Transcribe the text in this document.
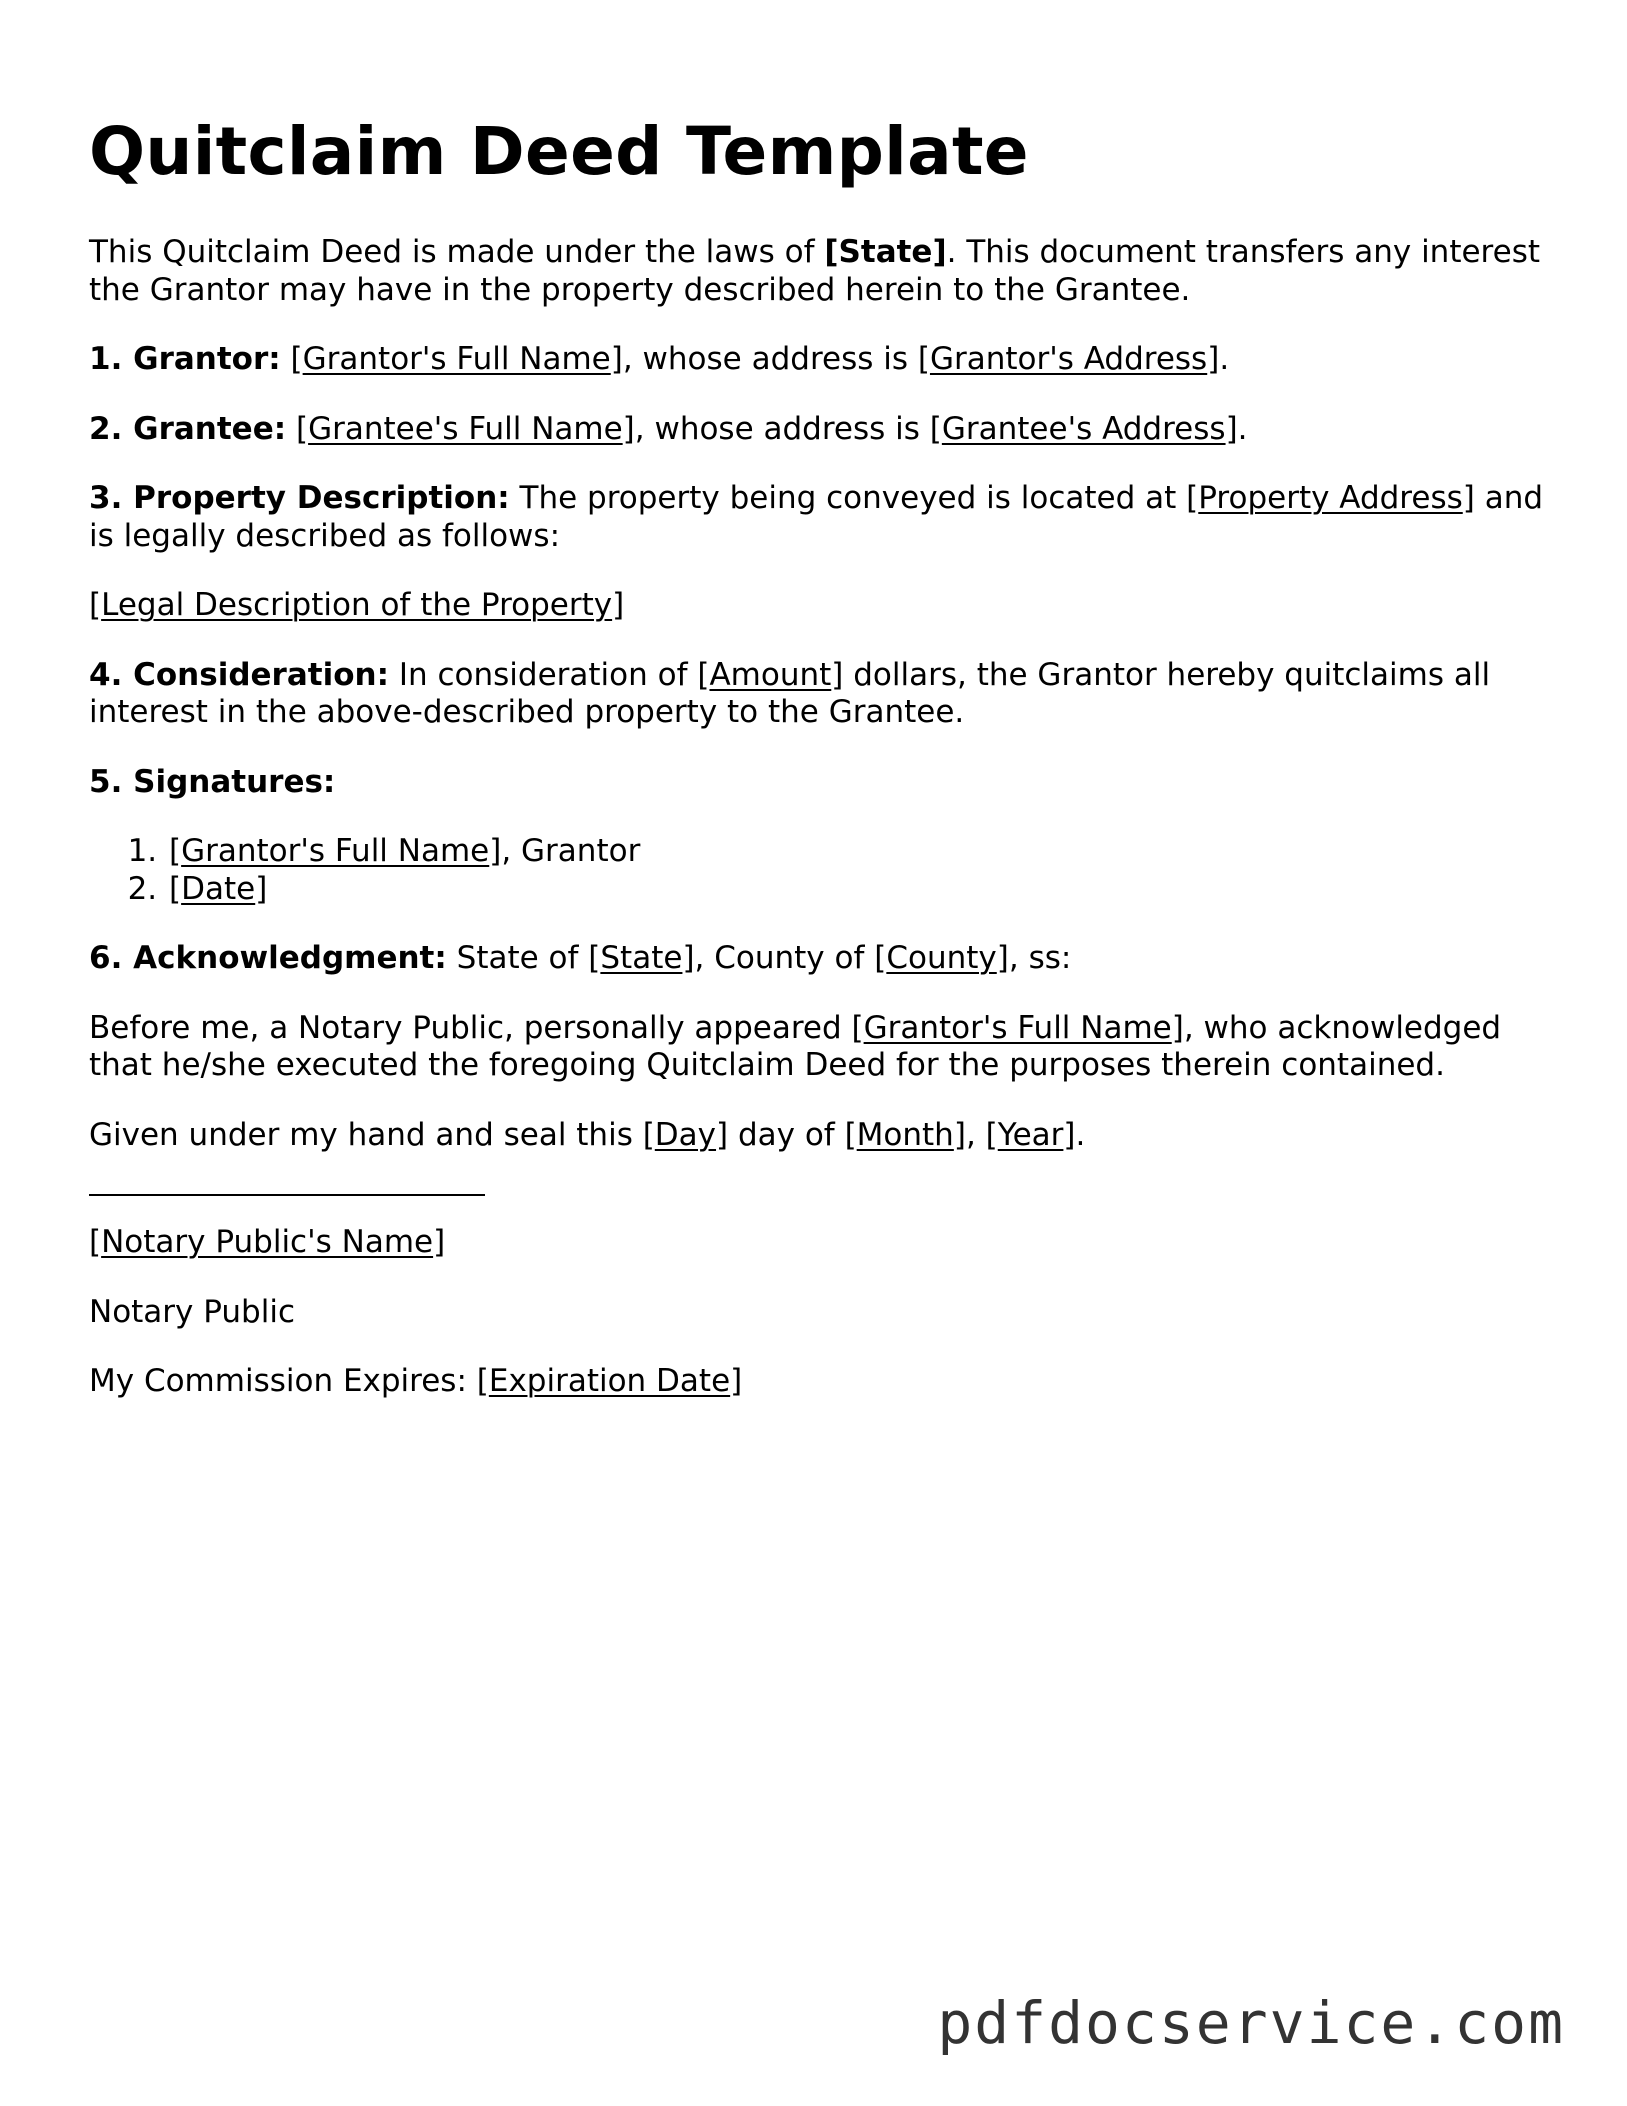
Quitclaim Deed Template

This Quitclaim Deed is made under the laws of [State]. This document transfers any interest the Grantor may have in the property described herein to the Grantee.

1. Grantor: [Grantor's Full Name], whose address is [Grantor's Address].

2. Grantee: [Grantee's Full Name], whose address is [Grantee's Address].

3. Property Description: The property being conveyed is located at [Property Address] and is legally described as follows:

[Legal Description of the Property]

4. Consideration: In consideration of [Amount] dollars, the Grantor hereby quitclaims all interest in the above-described property to the Grantee.

5. Signatures:

1. [Grantor's Full Name], Grantor
2. [Date]

6. Acknowledgment: State of [State], County of [County], ss:

Before me, a Notary Public, personally appeared [Grantor's Full Name], who acknowledged that he/she executed the foregoing Quitclaim Deed for the purposes therein contained.

Given under my hand and seal this [Day] day of [Month], [Year].

[Notary Public's Name]

Notary Public

My Commission Expires: [Expiration Date]

pdfdocservice.com
